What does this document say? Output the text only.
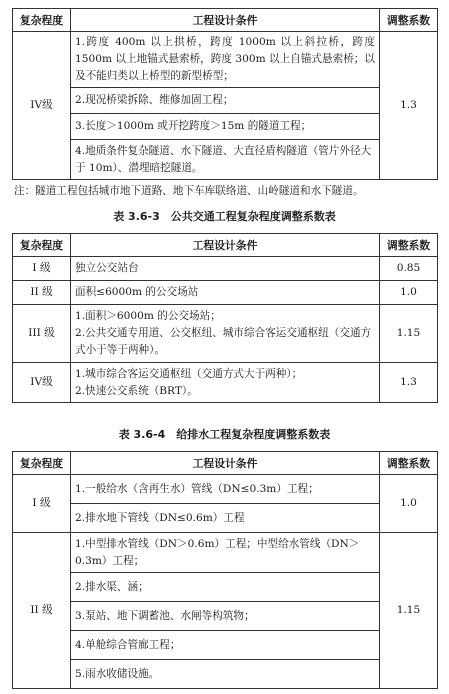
复杂程度	工程设计条件	调整系数
IV级	1.跨度 400m 以上拱桥，跨度 1000m 以上斜拉桥，跨度1500m 以上地锚式悬索桥，跨度 300m 以上自锚式悬索桥；以及不能归类以上桥型的新型桥型；	1.3
	2.现况桥梁拆除、维修加固工程；	
	3.长度＞1000m 或开挖跨度＞15m 的隧道工程；	
	4.地质条件复杂隧道、水下隧道、大直径盾构隧道（管片外径大于 10m）、潜埋暗挖隧道。	
注：隧道工程包括城市地下道路、地下车库联络道、山岭隧道和水下隧道。
表 3.6-3　公共交通工程复杂程度调整系数表
复杂程度	工程设计条件	调整系数
I 级	独立公交站台	0.85
II 级	面积≤6000m 的公交场站	1.0
III 级	1.面积＞6000m 的公交场站；
2.公共交通专用道、公交枢纽、城市综合客运交通枢纽（交通方式小于等于两种）。	1.15
IV级	1.城市综合客运交通枢纽（交通方式大于两种）；
2.快速公交系统（BRT）。	1.3
表 3.6-4　给排水工程复杂程度调整系数表
复杂程度	工程设计条件	调整系数
I 级	1.一般给水（含再生水）管线（DN≤0.3m）工程；	1.0
	2.排水地下管线（DN≤0.6m）工程	
II 级	1.中型排水管线（DN＞0.6m）工程；中型给水管线（DN＞0.3m）工程；	1.15
	2.排水渠、涵；	
	3.泵站、地下调蓄池、水闸等构筑物；	
	4.单舱综合管廊工程；	
	5.雨水收储设施。	
